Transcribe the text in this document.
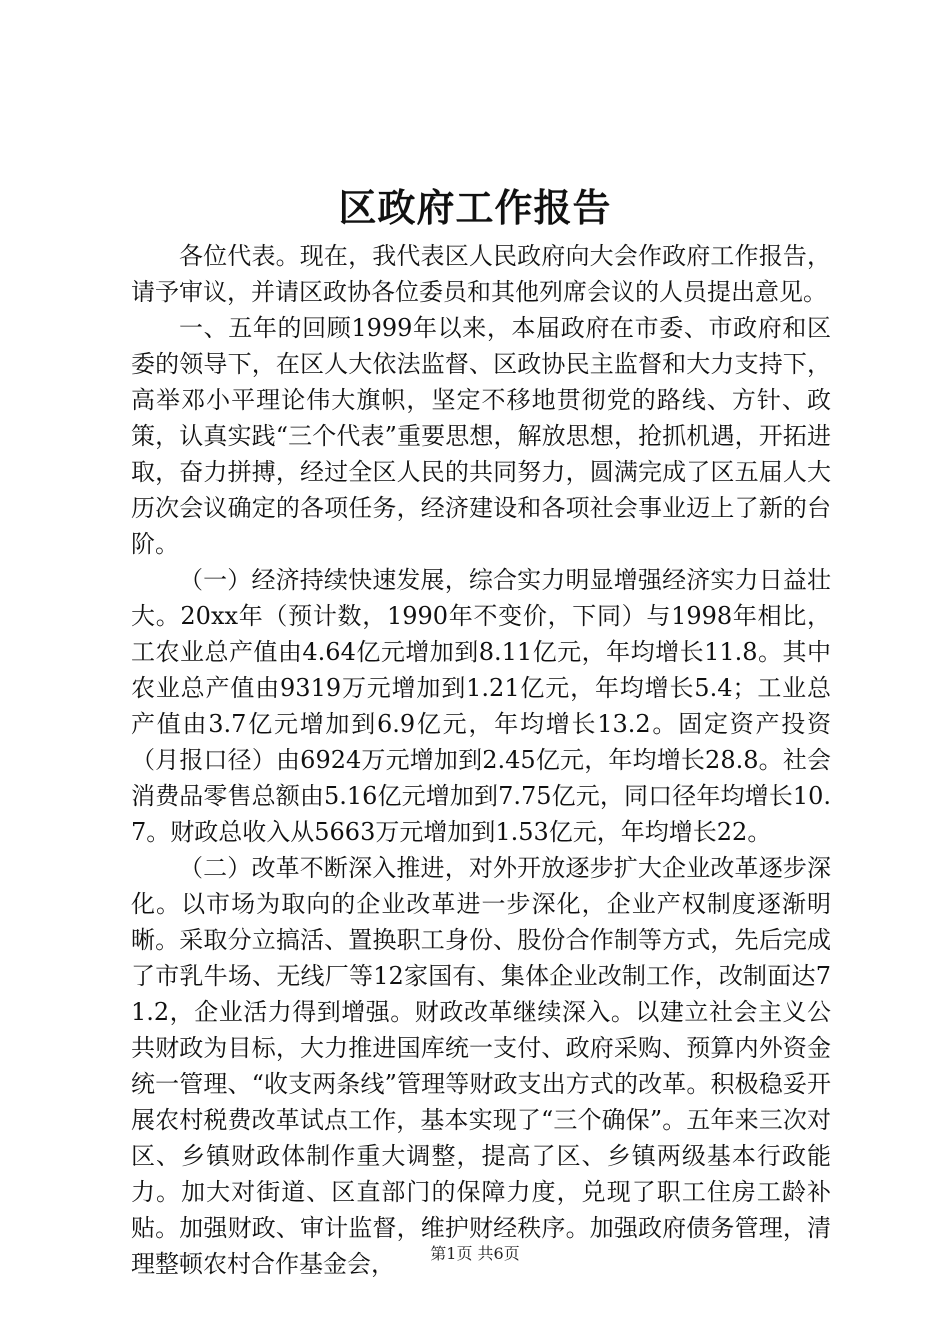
区政府工作报告

各位代表。现在，我代表区人民政府向大会作政府工作报告，请予审议，并请区政协各位委员和其他列席会议的人员提出意见。

一、五年的回顾1999年以来，本届政府在市委、市政府和区委的领导下，在区人大依法监督、区政协民主监督和大力支持下，高举邓小平理论伟大旗帜，坚定不移地贯彻党的路线、方针、政策，认真实践“三个代表”重要思想，解放思想，抢抓机遇，开拓进取，奋力拼搏，经过全区人民的共同努力，圆满完成了区五届人大历次会议确定的各项任务，经济建设和各项社会事业迈上了新的台阶。

（一）经济持续快速发展，综合实力明显增强经济实力日益壮大。20xx年（预计数，1990年不变价，下同）与1998年相比，工农业总产值由4.64亿元增加到8.11亿元，年均增长11.8。其中农业总产值由9319万元增加到1.21亿元，年均增长5.4；工业总产值由3.7亿元增加到6.9亿元，年均增长13.2。固定资产投资（月报口径）由6924万元增加到2.45亿元，年均增长28.8。社会消费品零售总额由5.16亿元增加到7.75亿元，同口径年均增长10.7。财政总收入从5663万元增加到1.53亿元，年均增长22。

（二）改革不断深入推进，对外开放逐步扩大企业改革逐步深化。以市场为取向的企业改革进一步深化，企业产权制度逐渐明晰。采取分立搞活、置换职工身份、股份合作制等方式，先后完成了市乳牛场、无线厂等12家国有、集体企业改制工作，改制面达71.2，企业活力得到增强。财政改革继续深入。以建立社会主义公共财政为目标，大力推进国库统一支付、政府采购、预算内外资金统一管理、“收支两条线”管理等财政支出方式的改革。积极稳妥开展农村税费改革试点工作，基本实现了“三个确保”。五年来三次对区、乡镇财政体制作重大调整，提高了区、乡镇两级基本行政能力。加大对街道、区直部门的保障力度，兑现了职工住房工龄补贴。加强财政、审计监督，维护财经秩序。加强政府债务管理，清理整顿农村合作基金会，	第1页 共6页
